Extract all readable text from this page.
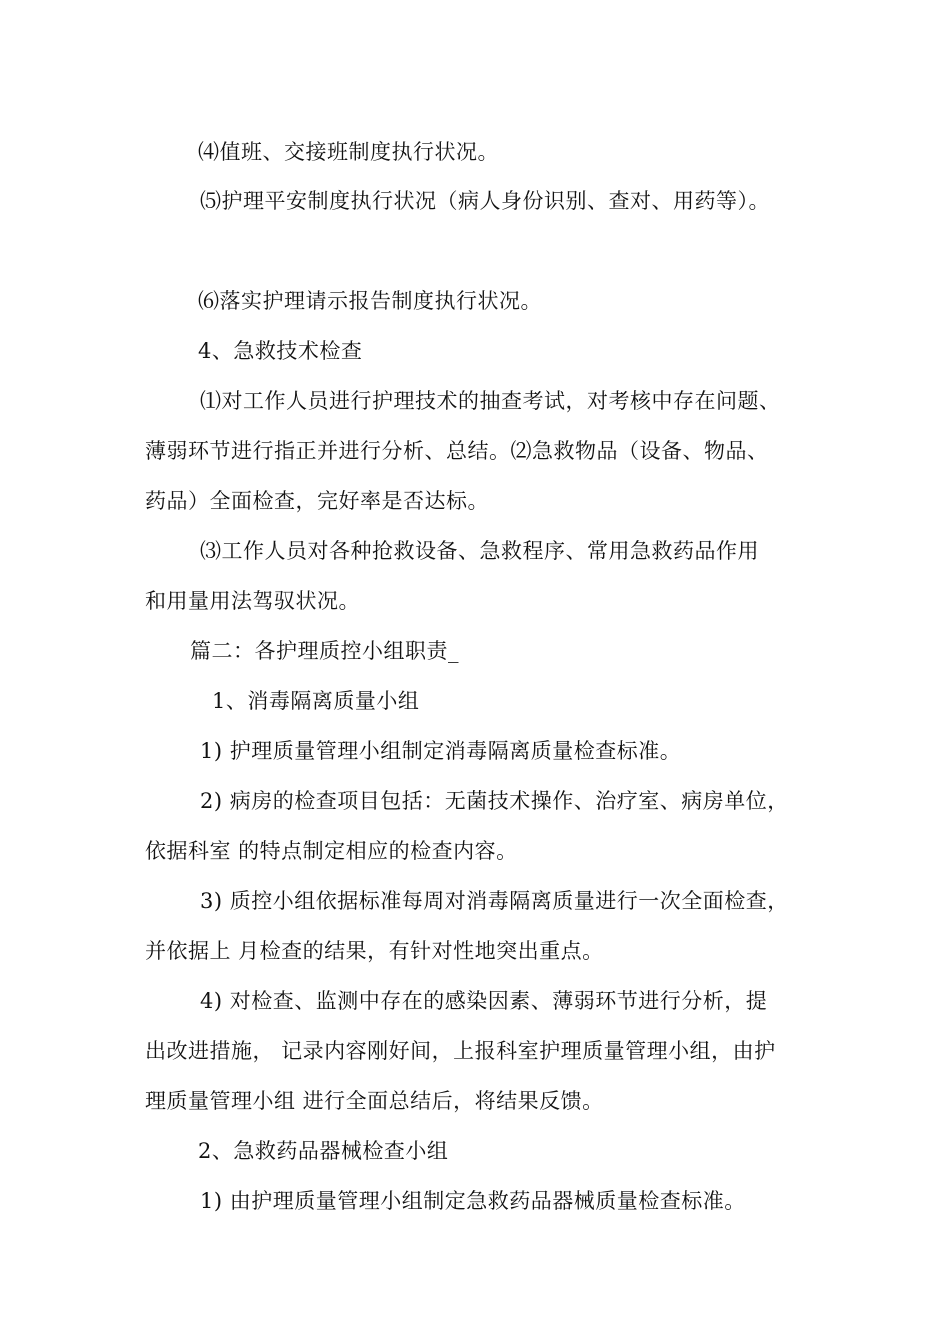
⑷值班、交接班制度执行状况。
⑸护理平安制度执行状况（病人身份识别、查对、用药等）。
⑹落实护理请示报告制度执行状况。
4、急救技术检查
⑴对工作人员进行护理技术的抽查考试，对考核中存在问题、
薄弱环节进行指正并进行分析、总结。⑵急救物品（设备、物品、
药品）全面检查，完好率是否达标。
⑶工作人员对各种抢救设备、急救程序、常用急救药品作用
和用量用法驾驭状况。
篇二：各护理质控小组职责_
1、消毒隔离质量小组
1) 护理质量管理小组制定消毒隔离质量检查标准。
2) 病房的检查项目包括：无菌技术操作、治疗室、病房单位，
依据科室 的特点制定相应的检查内容。
3) 质控小组依据标准每周对消毒隔离质量进行一次全面检查，
并依据上 月检查的结果，有针对性地突出重点。
4) 对检查、监测中存在的感染因素、薄弱环节进行分析，提
出改进措施， 记录内容刚好间，上报科室护理质量管理小组，由护
理质量管理小组 进行全面总结后，将结果反馈。
2、急救药品器械检查小组
1) 由护理质量管理小组制定急救药品器械质量检查标准。
